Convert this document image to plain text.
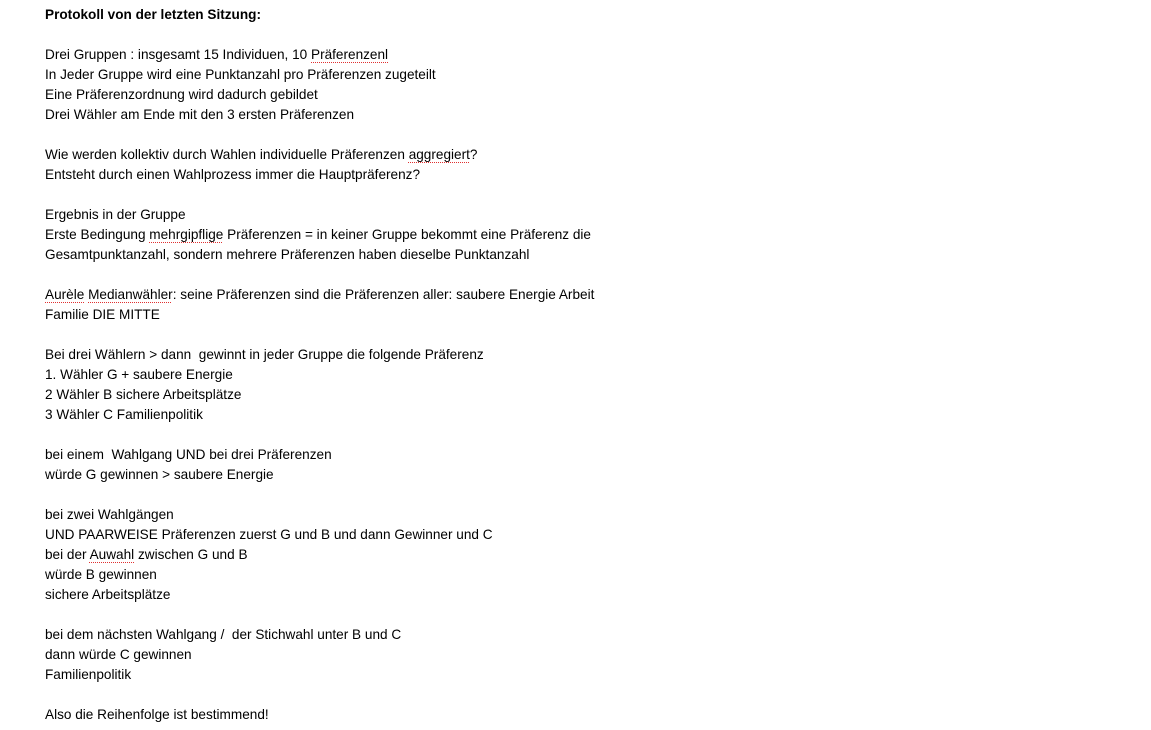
Protokoll von der letzten Sitzung:
Drei Gruppen : insgesamt 15 Individuen, 10 Präferenzenl
In Jeder Gruppe wird eine Punktanzahl pro Präferenzen zugeteilt
Eine Präferenzordnung wird dadurch gebildet
Drei Wähler am Ende mit den 3 ersten Präferenzen
Wie werden kollektiv durch Wahlen individuelle Präferenzen aggregiert?
Entsteht durch einen Wahlprozess immer die Hauptpräferenz?
Ergebnis in der Gruppe
Erste Bedingung mehrgipflige Präferenzen = in keiner Gruppe bekommt eine Präferenz die
Gesamtpunktanzahl, sondern mehrere Präferenzen haben dieselbe Punktanzahl
Aurèle Medianwähler: seine Präferenzen sind die Präferenzen aller: saubere Energie Arbeit
Familie DIE MITTE
Bei drei Wählern > dann  gewinnt in jeder Gruppe die folgende Präferenz
1. Wähler G + saubere Energie
2 Wähler B sichere Arbeitsplätze
3 Wähler C Familienpolitik
bei einem  Wahlgang UND bei drei Präferenzen
würde G gewinnen > saubere Energie
bei zwei Wahlgängen
UND PAARWEISE Präferenzen zuerst G und B und dann Gewinner und C
bei der Auwahl zwischen G und B
würde B gewinnen
sichere Arbeitsplätze
bei dem nächsten Wahlgang /  der Stichwahl unter B und C
dann würde C gewinnen
Familienpolitik
Also die Reihenfolge ist bestimmend!
